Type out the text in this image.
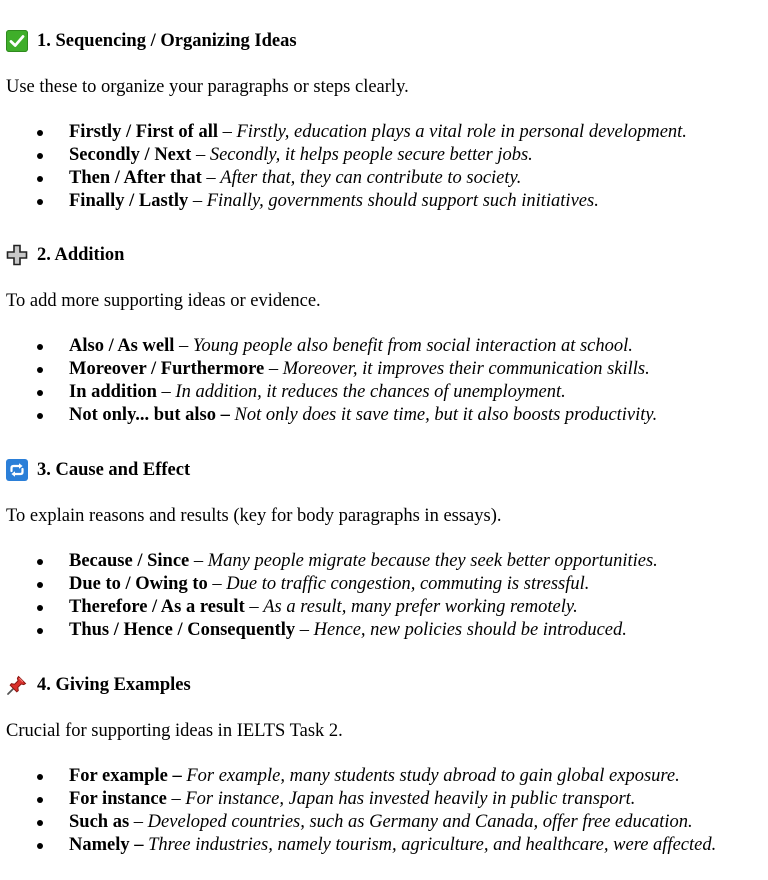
1. Sequencing / Organizing Ideas
Use these to organize your paragraphs or steps clearly.
Firstly / First of all – Firstly, education plays a vital role in personal development.
Secondly / Next – Secondly, it helps people secure better jobs.
Then / After that – After that, they can contribute to society.
Finally / Lastly – Finally, governments should support such initiatives.
2. Addition
To add more supporting ideas or evidence.
Also / As well – Young people also benefit from social interaction at school.
Moreover / Furthermore – Moreover, it improves their communication skills.
In addition – In addition, it reduces the chances of unemployment.
Not only... but also – Not only does it save time, but it also boosts productivity.
3. Cause and Effect
To explain reasons and results (key for body paragraphs in essays).
Because / Since – Many people migrate because they seek better opportunities.
Due to / Owing to – Due to traffic congestion, commuting is stressful.
Therefore / As a result – As a result, many prefer working remotely.
Thus / Hence / Consequently – Hence, new policies should be introduced.
4. Giving Examples
Crucial for supporting ideas in IELTS Task 2.
For example – For example, many students study abroad to gain global exposure.
For instance – For instance, Japan has invested heavily in public transport.
Such as – Developed countries, such as Germany and Canada, offer free education.
Namely – Three industries, namely tourism, agriculture, and healthcare, were affected.
